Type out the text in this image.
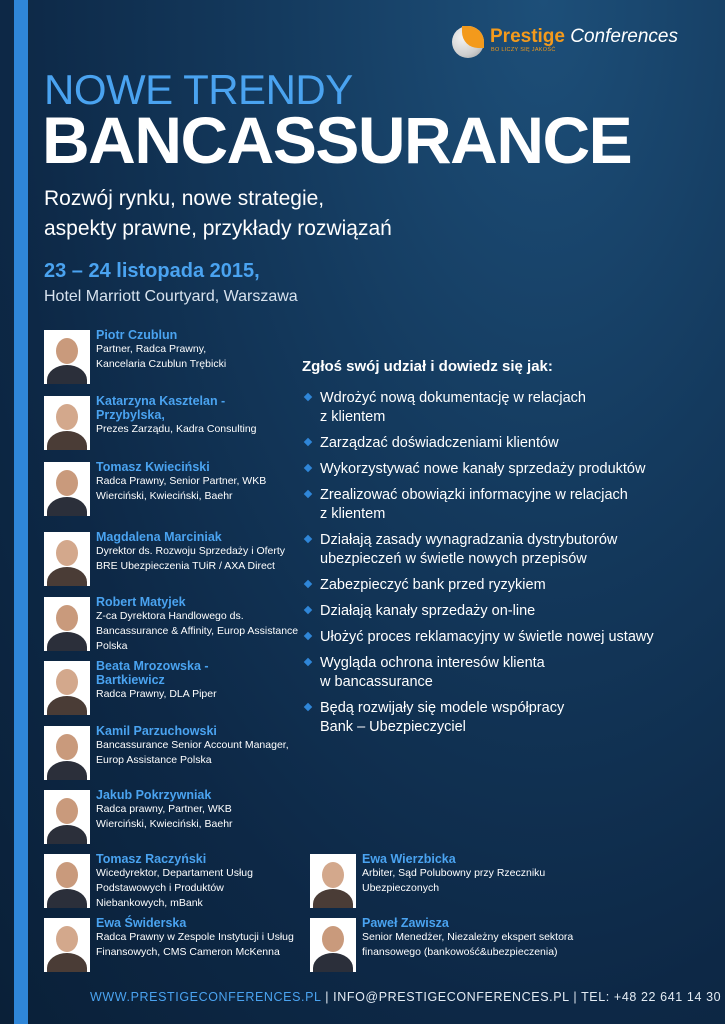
Prestige Conferences
BO LICZY SIĘ JAKOŚĆ
NOWE TRENDY
BANCASSURANCE
Rozwój rynku, nowe strategie,
aspekty prawne, przykłady rozwiązań
23 – 24 listopada 2015,
Hotel Marriott Courtyard, Warszawa
Piotr Czublun
Partner, Radca Prawny,
Kancelaria Czublun Trębicki
Katarzyna Kasztelan - Przybylska,
Prezes Zarządu, Kadra Consulting
Tomasz Kwieciński
Radca Prawny, Senior Partner, WKB
Wierciński, Kwieciński, Baehr
Magdalena Marciniak
Dyrektor ds. Rozwoju Sprzedaży i Oferty
BRE Ubezpieczenia TUiR / AXA Direct
Robert Matyjek
Z-ca Dyrektora Handlowego ds.
Bancassurance & Affinity, Europ Assistance
Polska
Beata Mrozowska -Bartkiewicz
Radca Prawny, DLA Piper
Kamil Parzuchowski
Bancassurance Senior Account Manager,
Europ Assistance Polska
Jakub Pokrzywniak
Radca prawny, Partner, WKB
Wierciński, Kwieciński, Baehr
Tomasz Raczyński
Wicedyrektor, Departament Usług
Podstawowych i Produktów
Niebankowych, mBank
Ewa Świderska
Radca Prawny w Zespole Instytucji i Usług
Finansowych, CMS Cameron McKenna
Ewa Wierzbicka
Arbiter, Sąd Polubowny przy Rzeczniku
Ubezpieczonych
Paweł Zawisza
Senior Menedżer, Niezależny ekspert sektora
finansowego (bankowość&ubezpieczenia)
Zgłoś swój udział i dowiedz się jak:
Wdrożyć nową dokumentację w relacjach
z klientem
Zarządzać doświadczeniami klientów
Wykorzystywać nowe kanały sprzedaży produktów
Zrealizować obowiązki informacyjne w relacjach
z klientem
Działają zasady wynagradzania dystrybutorów
ubezpieczeń w świetle nowych przepisów
Zabezpieczyć bank przed ryzykiem
Działają kanały sprzedaży on-line
Ułożyć proces reklamacyjny w świetle nowej ustawy
Wygląda ochrona interesów klienta
w bancassurance
Będą rozwijały się modele współpracy
Bank – Ubezpieczyciel
WWW.PRESTIGECONFERENCES.PL | INFO@PRESTIGECONFERENCES.PL | TEL: +48 22 641 14 30
